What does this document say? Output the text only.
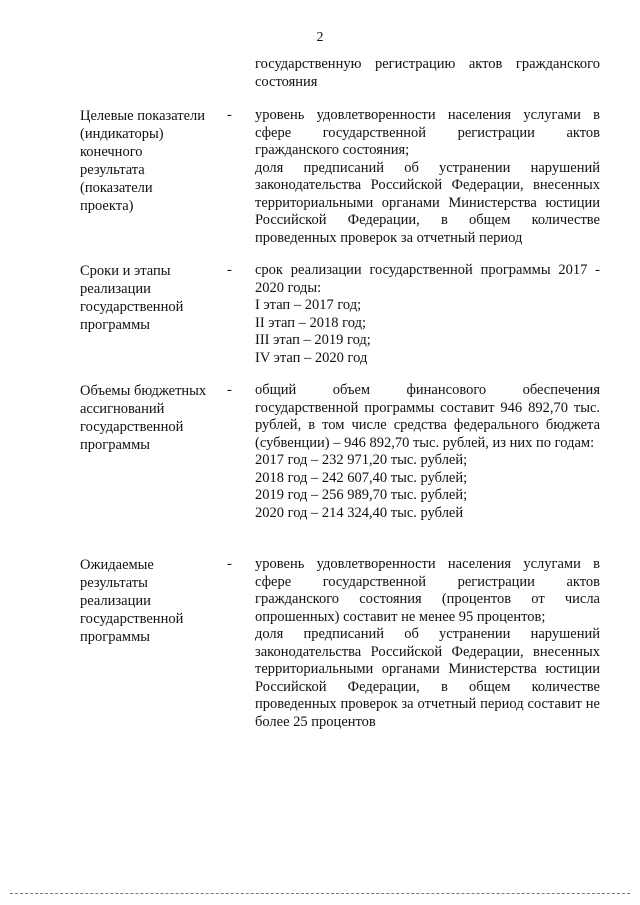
2
государственную регистрацию актов гражданского состояния
Целевые показатели
(индикаторы)
конечного
результата
(показатели
проекта)
- уровень удовлетворенности населения услугами в сфере государственной регистрации актов гражданского состояния;
доля предписаний об устранении нарушений законодательства Российской Федерации, внесенных территориальными органами Министерства юстиции Российской Федерации, в общем количестве проведенных проверок за отчетный период
Сроки и этапы
реализации
государственной
программы
- срок реализации государственной программы 2017 - 2020 годы:
I этап – 2017 год;
II этап – 2018 год;
III этап – 2019 год;
IV этап – 2020 год
Объемы бюджетных
ассигнований
государственной
программы
- общий объем финансового обеспечения государственной программы составит 946 892,70 тыс. рублей, в том числе средства федерального бюджета (субвенции) – 946 892,70 тыс. рублей, из них по годам:
2017 год – 232 971,20 тыс. рублей;
2018 год – 242 607,40 тыс. рублей;
2019 год – 256 989,70 тыс. рублей;
2020 год – 214 324,40 тыс. рублей
Ожидаемые
результаты
реализации
государственной
программы
- уровень удовлетворенности населения услугами в сфере государственной регистрации актов гражданского состояния (процентов от числа опрошенных) составит не менее 95 процентов;
доля предписаний об устранении нарушений законодательства Российской Федерации, внесенных территориальными органами Министерства юстиции Российской Федерации, в общем количестве проведенных проверок за отчетный период составит не более 25 процентов
